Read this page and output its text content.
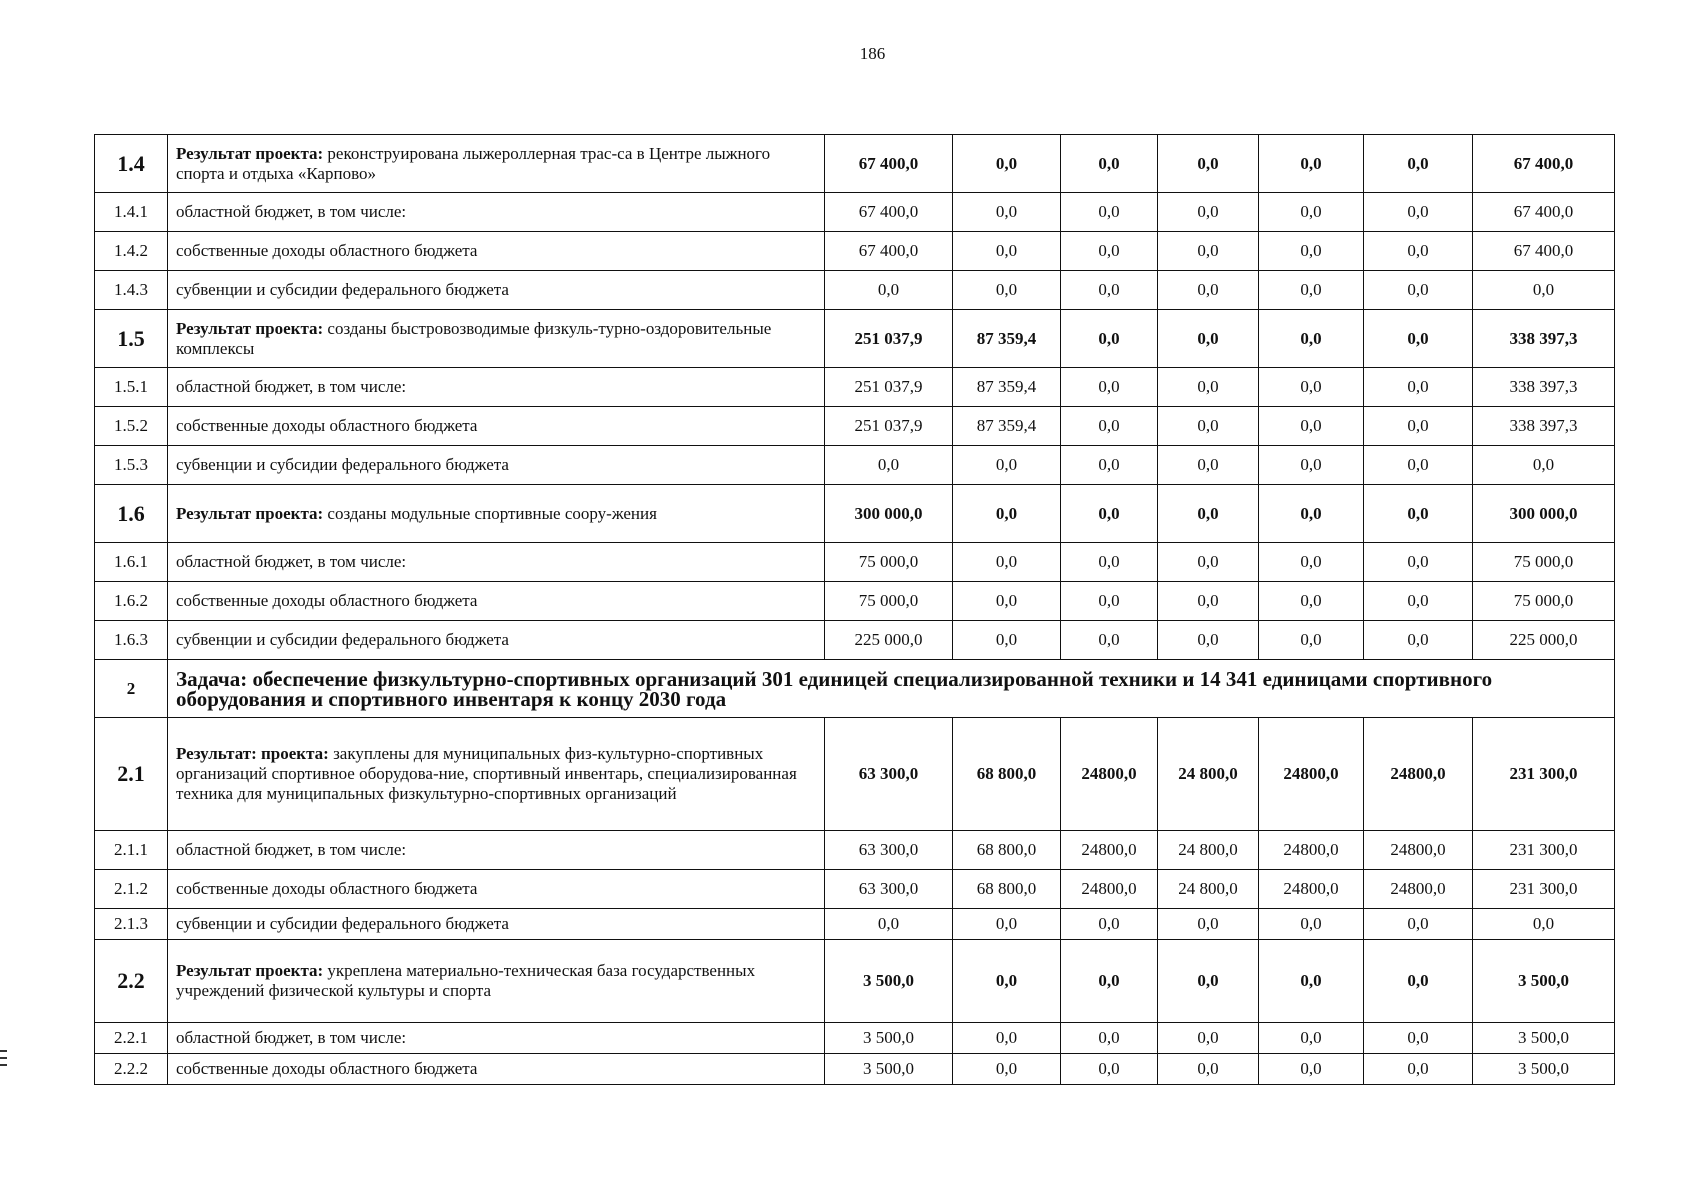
186
1.4	Результат проекта: реконструирована лыжероллерная трас-са в Центре лыжного спорта и отдыха «Карпово»	67 400,0	0,0	0,0	0,0	0,0	0,0	67 400,0
1.4.1	областной бюджет, в том числе:	67 400,0	0,0	0,0	0,0	0,0	0,0	67 400,0
1.4.2	собственные доходы областного бюджета	67 400,0	0,0	0,0	0,0	0,0	0,0	67 400,0
1.4.3	субвенции и субсидии федерального бюджета	0,0	0,0	0,0	0,0	0,0	0,0	0,0
1.5	Результат проекта: созданы быстровозводимые физкуль-турно-оздоровительные комплексы	251 037,9	87 359,4	0,0	0,0	0,0	0,0	338 397,3
1.5.1	областной бюджет, в том числе:	251 037,9	87 359,4	0,0	0,0	0,0	0,0	338 397,3
1.5.2	собственные доходы областного бюджета	251 037,9	87 359,4	0,0	0,0	0,0	0,0	338 397,3
1.5.3	субвенции и субсидии федерального бюджета	0,0	0,0	0,0	0,0	0,0	0,0	0,0
1.6	Результат проекта: созданы модульные спортивные соору-жения	300 000,0	0,0	0,0	0,0	0,0	0,0	300 000,0
1.6.1	областной бюджет, в том числе:	75 000,0	0,0	0,0	0,0	0,0	0,0	75 000,0
1.6.2	собственные доходы областного бюджета	75 000,0	0,0	0,0	0,0	0,0	0,0	75 000,0
1.6.3	субвенции и субсидии федерального бюджета	225 000,0	0,0	0,0	0,0	0,0	0,0	225 000,0
2	Задача: обеспечение физкультурно-спортивных организаций 301 единицей специализированной техники и 14 341 единицами спортивного оборудования и спортивного инвентаря к концу 2030 года							
2.1	Результат: проекта: закуплены для муниципальных физ-культурно-спортивных организаций спортивное оборудова-ние, спортивный инвентарь, специализированная техника для муниципальных физкультурно-спортивных организаций	63 300,0	68 800,0	24800,0	24 800,0	24800,0	24800,0	231 300,0
2.1.1	областной бюджет, в том числе:	63 300,0	68 800,0	24800,0	24 800,0	24800,0	24800,0	231 300,0
2.1.2	собственные доходы областного бюджета	63 300,0	68 800,0	24800,0	24 800,0	24800,0	24800,0	231 300,0
2.1.3	субвенции и субсидии федерального бюджета	0,0	0,0	0,0	0,0	0,0	0,0	0,0
2.2	Результат проекта: укреплена материально-техническая база государственных учреждений физической культуры и спорта	3 500,0	0,0	0,0	0,0	0,0	0,0	3 500,0
2.2.1	областной бюджет, в том числе:	3 500,0	0,0	0,0	0,0	0,0	0,0	3 500,0
2.2.2	собственные доходы областного бюджета	3 500,0	0,0	0,0	0,0	0,0	0,0	3 500,0
